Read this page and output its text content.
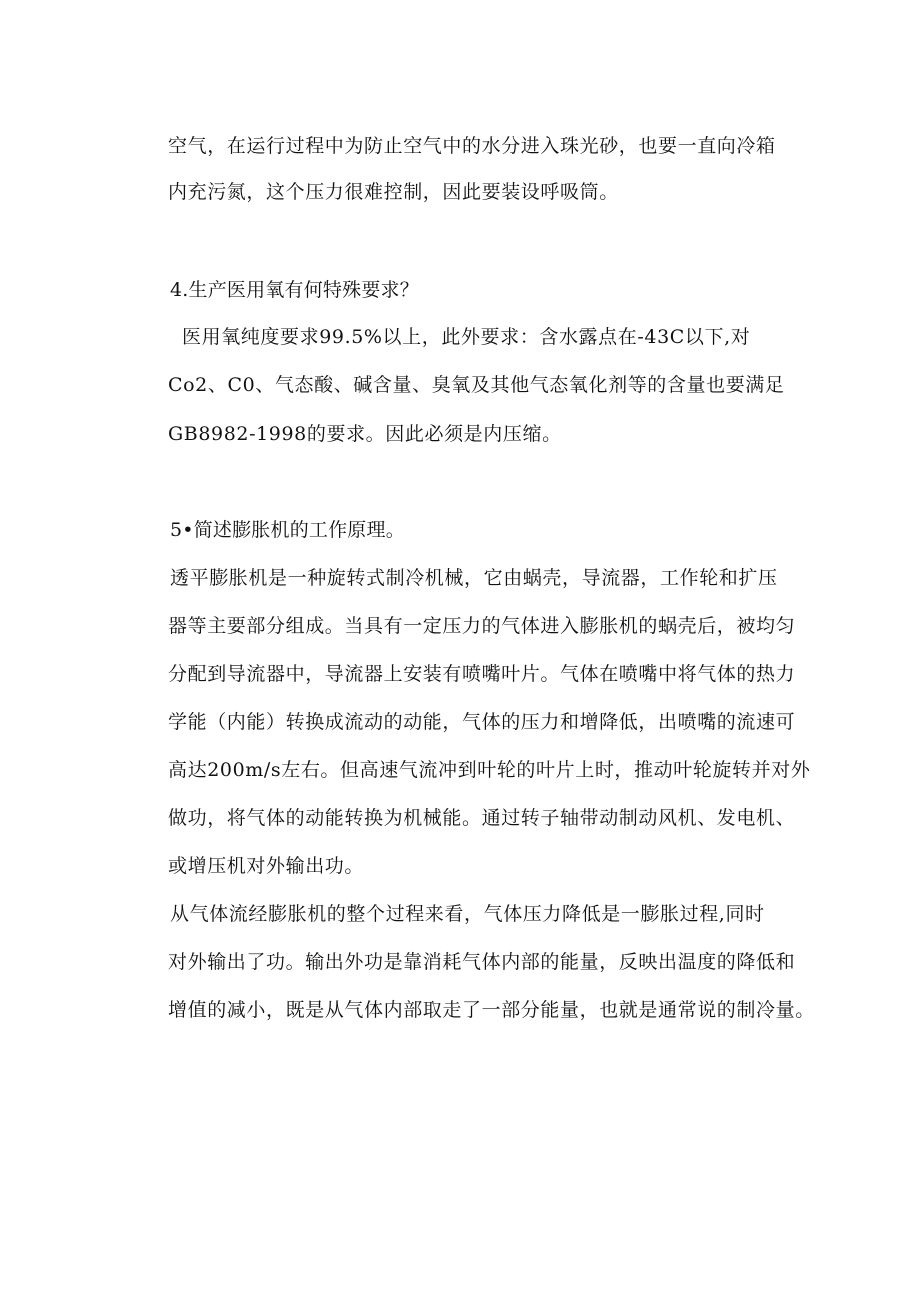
空气，在运行过程中为防止空气中的水分进入珠光砂，也要一直向冷箱
内充污氮，这个压力很难控制，因此要装设呼吸筒。
4.生产医用氧有何特殊要求？
医用氧纯度要求99.5%以上，此外要求：含水露点在-43C以下,对
Co2、C0、气态酸、碱含量、臭氧及其他气态氧化剂等的含量也要满足
GB8982-1998的要求。因此必须是内压缩。
5•简述膨胀机的工作原理。
透平膨胀机是一种旋转式制冷机械，它由蜗壳，导流器，工作轮和扩压
器等主要部分组成。当具有一定压力的气体进入膨胀机的蜗壳后，被均匀
分配到导流器中，导流器上安装有喷嘴叶片。气体在喷嘴中将气体的热力
学能（内能）转换成流动的动能，气体的压力和增降低，出喷嘴的流速可
高达200m∕s左右。但高速气流冲到叶轮的叶片上时，推动叶轮旋转并对外
做功，将气体的动能转换为机械能。通过转子轴带动制动风机、发电机、
或增压机对外输出功。
从气体流经膨胀机的整个过程来看，气体压力降低是一膨胀过程,同时
对外输出了功。输出外功是靠消耗气体内部的能量，反映出温度的降低和
增值的减小，既是从气体内部取走了一部分能量，也就是通常说的制冷量。
